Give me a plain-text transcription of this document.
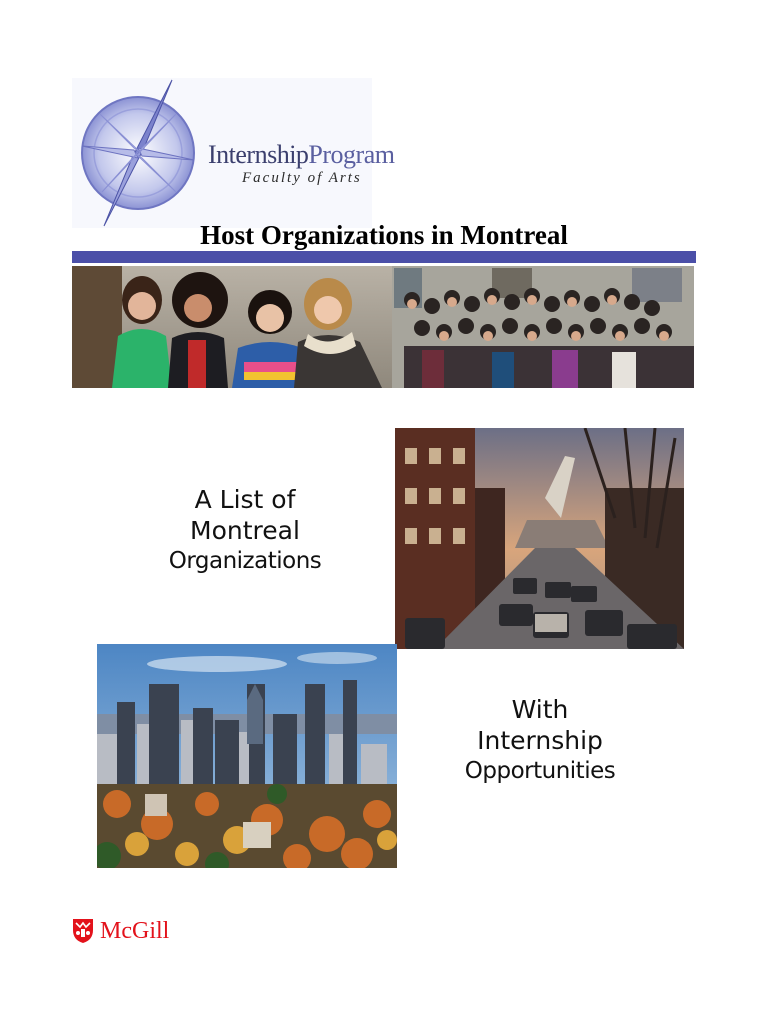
InternshipProgram
Faculty of Arts
Host Organizations in Montreal
A List of
Montreal
Organizations
With
Internship
Opportunities
McGill
